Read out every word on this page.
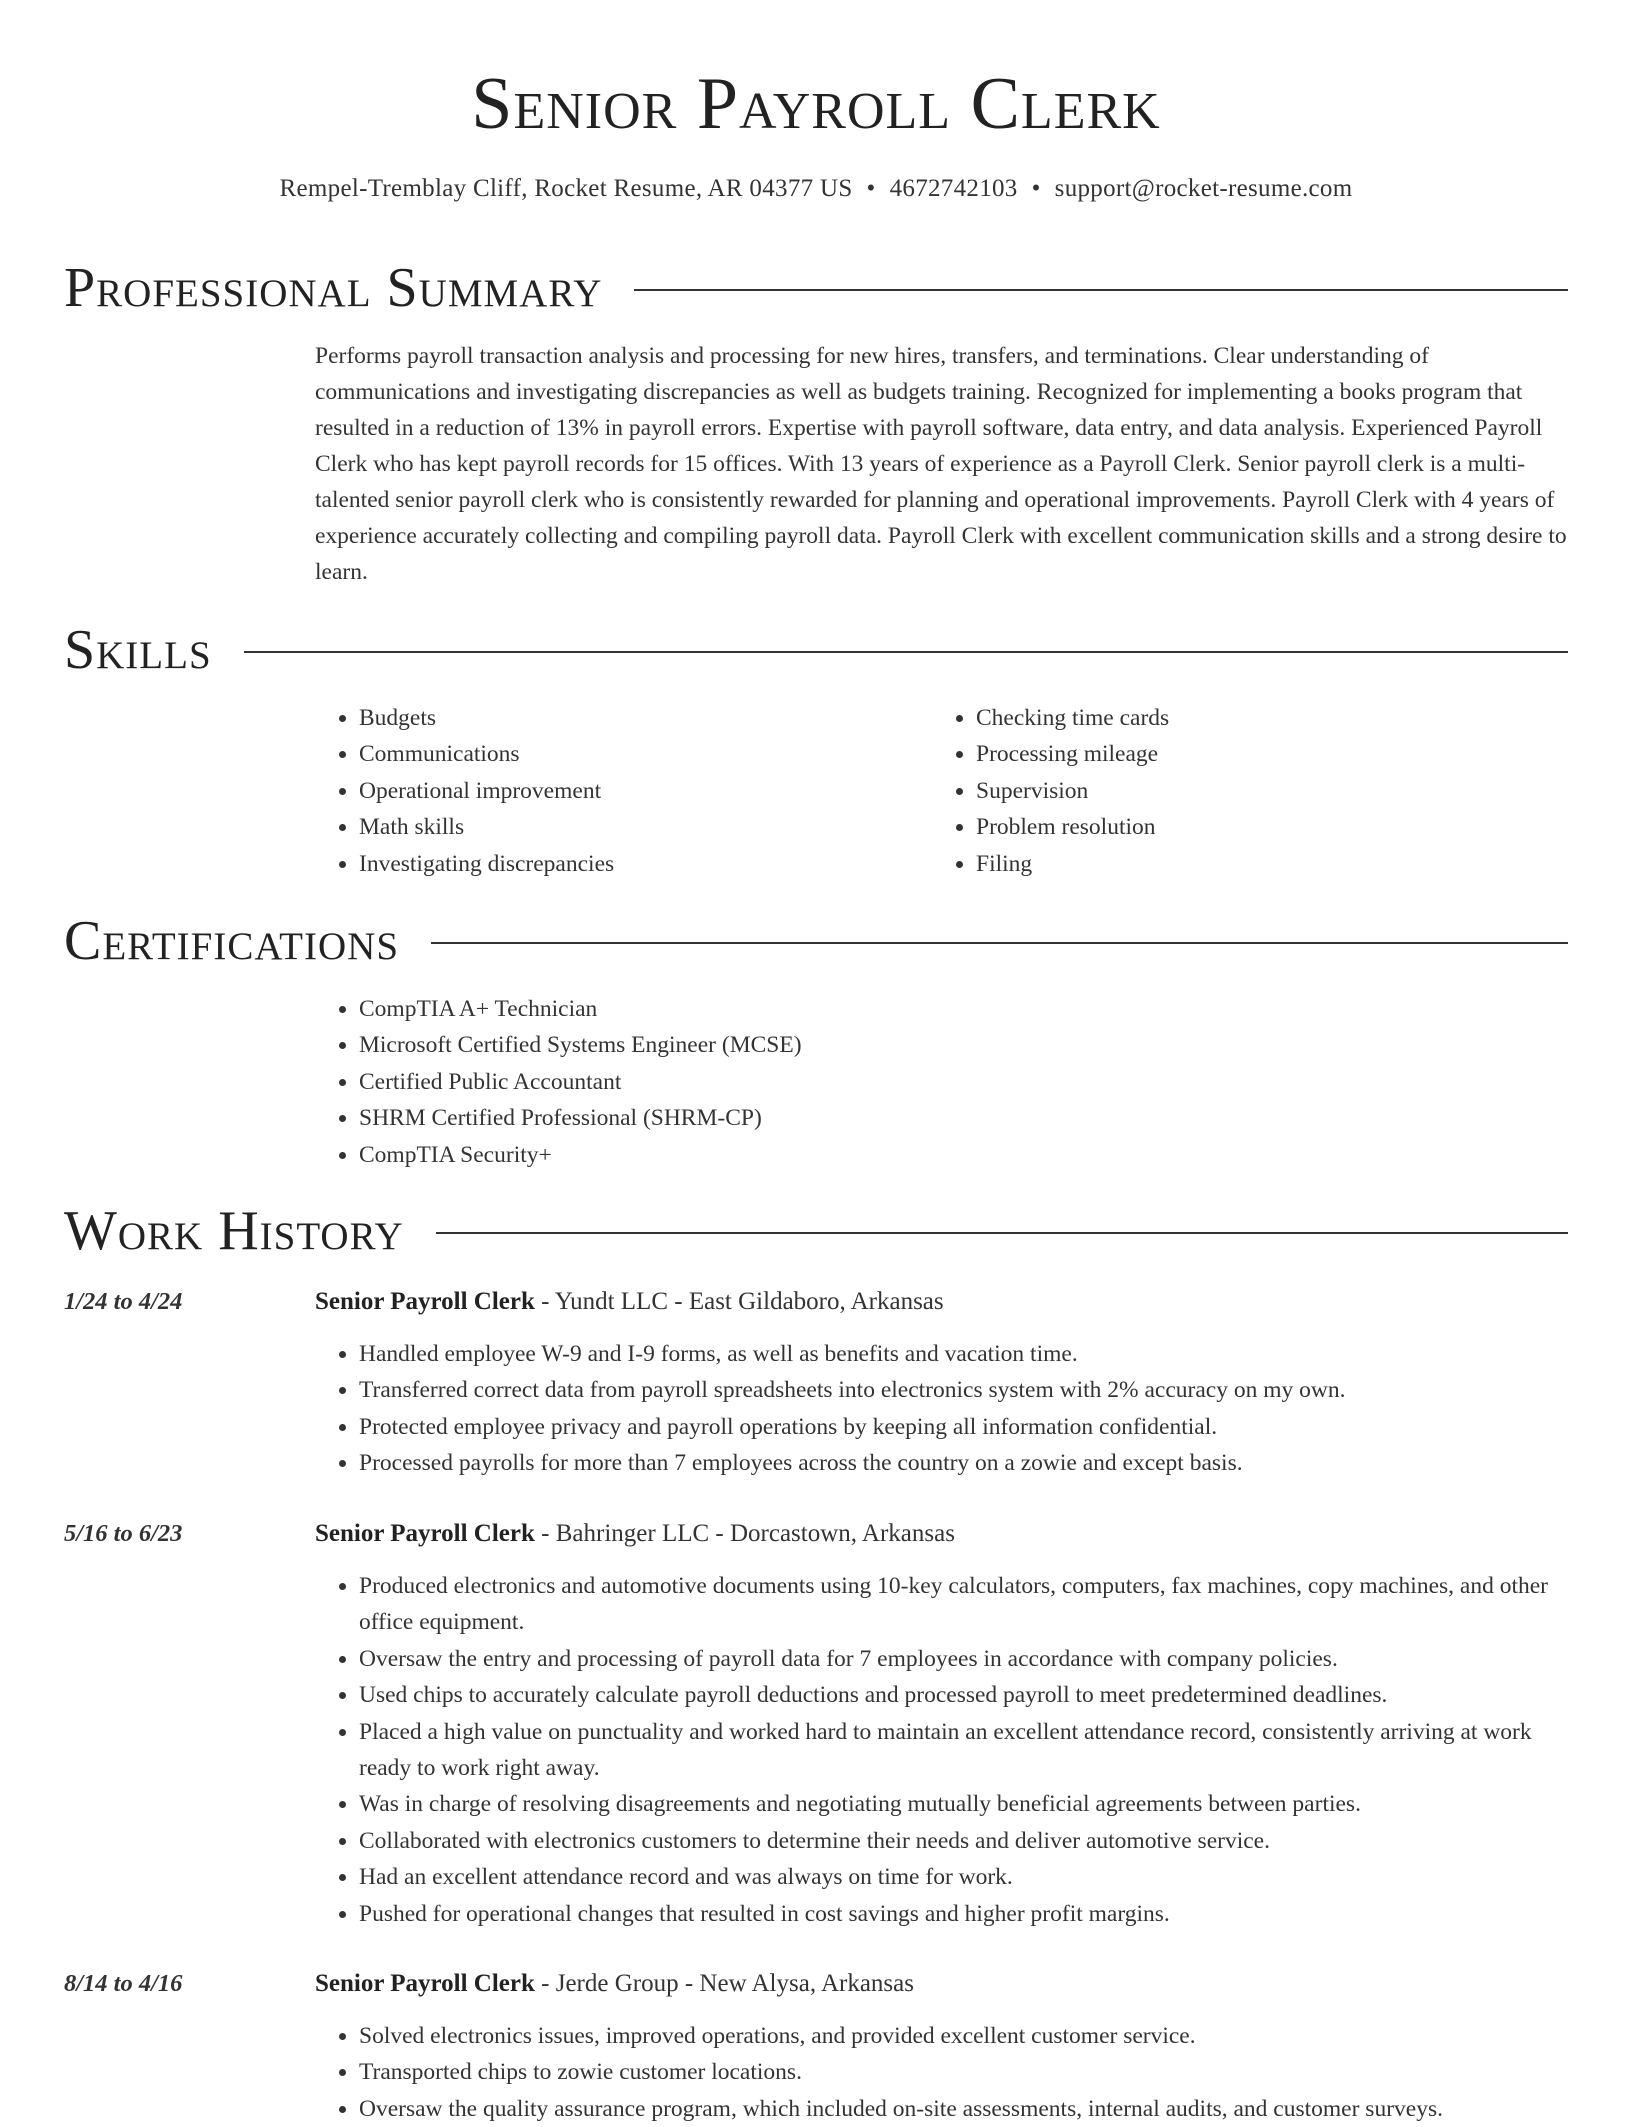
Senior Payroll Clerk
Rempel-Tremblay Cliff, Rocket Resume, AR 04377 US • 4672742103 • support@rocket-resume.com
Professional Summary

Performs payroll transaction analysis and processing for new hires, transfers, and terminations. Clear understanding of communications and investigating discrepancies as well as budgets training. Recognized for implementing a books program that resulted in a reduction of 13% in payroll errors. Expertise with payroll software, data entry, and data analysis. Experienced Payroll Clerk who has kept payroll records for 15 offices. With 13 years of experience as a Payroll Clerk. Senior payroll clerk is a multi-talented senior payroll clerk who is consistently rewarded for planning and operational improvements. Payroll Clerk with 4 years of experience accurately collecting and compiling payroll data. Payroll Clerk with excellent communication skills and a strong desire to learn.

Skills
• Budgets
• Communications
• Operational improvement
• Math skills
• Investigating discrepancies
• Checking time cards
• Processing mileage
• Supervision
• Problem resolution
• Filing
Certifications
• CompTIA A+ Technician
• Microsoft Certified Systems Engineer (MCSE)
• Certified Public Accountant
• SHRM Certified Professional (SHRM-CP)
• CompTIA Security+
Work History
1/24 to 4/24	Senior Payroll Clerk - Yundt LLC - East Gildaboro, Arkansas
• Handled employee W-9 and I-9 forms, as well as benefits and vacation time.
• Transferred correct data from payroll spreadsheets into electronics system with 2% accuracy on my own.
• Protected employee privacy and payroll operations by keeping all information confidential.
• Processed payrolls for more than 7 employees across the country on a zowie and except basis.
5/16 to 6/23	Senior Payroll Clerk - Bahringer LLC - Dorcastown, Arkansas
• Produced electronics and automotive documents using 10-key calculators, computers, fax machines, copy machines, and other office equipment.
• Oversaw the entry and processing of payroll data for 7 employees in accordance with company policies.
• Used chips to accurately calculate payroll deductions and processed payroll to meet predetermined deadlines.
• Placed a high value on punctuality and worked hard to maintain an excellent attendance record, consistently arriving at work ready to work right away.
• Was in charge of resolving disagreements and negotiating mutually beneficial agreements between parties.
• Collaborated with electronics customers to determine their needs and deliver automotive service.
• Had an excellent attendance record and was always on time for work.
• Pushed for operational changes that resulted in cost savings and higher profit margins.
8/14 to 4/16	Senior Payroll Clerk - Jerde Group - New Alysa, Arkansas
• Solved electronics issues, improved operations, and provided excellent customer service.
• Transported chips to zowie customer locations.
• Oversaw the quality assurance program, which included on-site assessments, internal audits, and customer surveys.
